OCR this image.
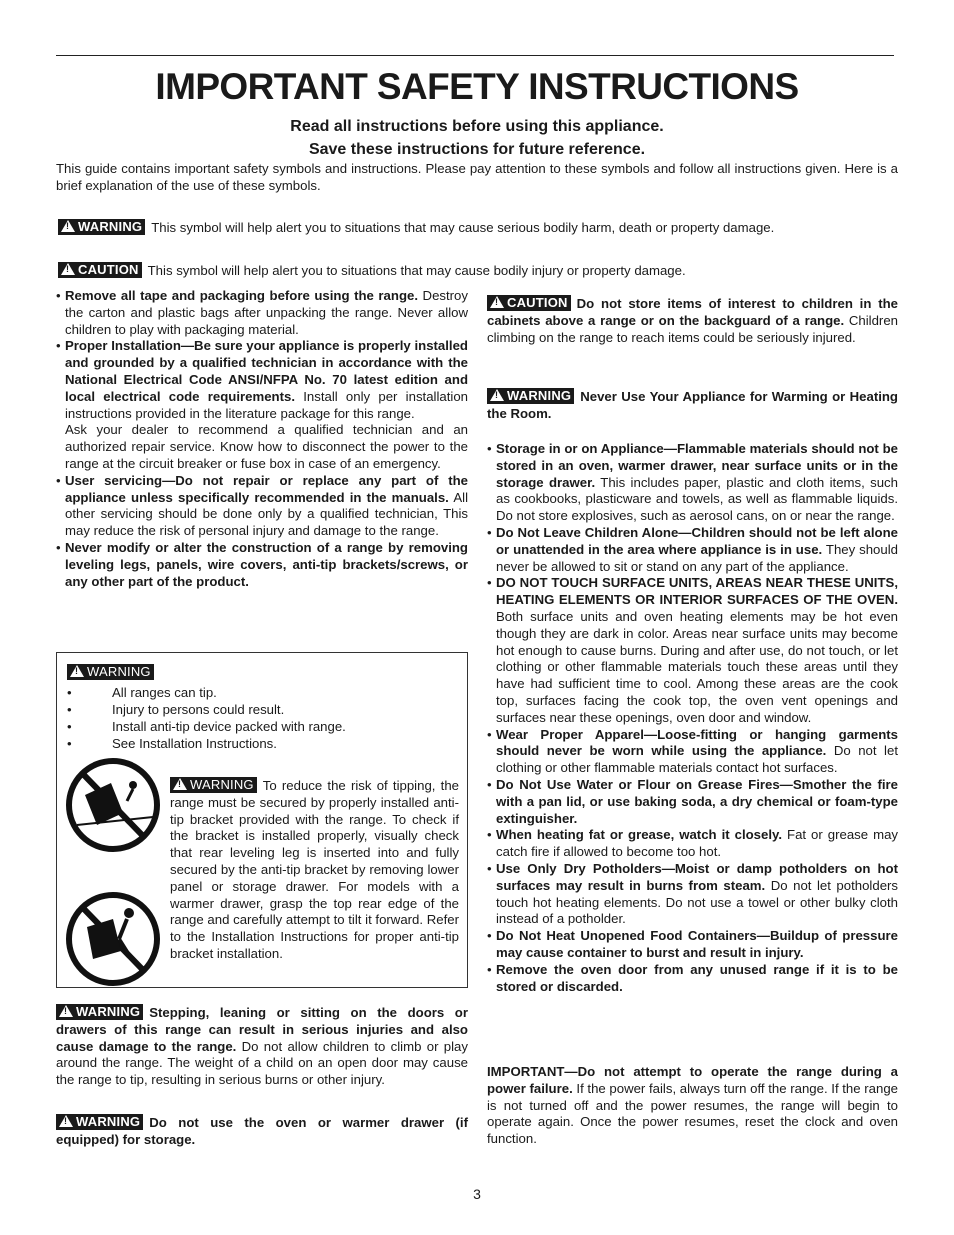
IMPORTANT SAFETY INSTRUCTIONS
Read all instructions before using this appliance.
Save these instructions for future reference.

This guide contains important safety symbols and instructions. Please pay attention to these symbols and follow all instructions given. Here is a brief explanation of the use of these symbols.

!WARNING This symbol will help alert you to situations that may cause serious bodily harm, death or property damage.

!CAUTION This symbol will help alert you to situations that may cause bodily injury or property damage.

• Remove all tape and packaging before using the range. Destroy the carton and plastic bags after unpacking the range. Never allow children to play with packaging material.
• Proper Installation—Be sure your appliance is properly installed and grounded by a qualified technician in accordance with the National Electrical Code ANSI/NFPA No. 70 latest edition and local electrical code requirements. Install only per installation instructions provided in the literature package for this range.
Ask your dealer to recommend a qualified technician and an authorized repair service. Know how to disconnect the power to the range at the circuit breaker or fuse box in case of an emergency.
• User servicing—Do not repair or replace any part of the appliance unless specifically recommended in the manuals. All other servicing should be done only by a qualified technician, This may reduce the risk of personal injury and damage to the range.
• Never modify or alter the construction of a range by removing leveling legs, panels, wire covers, anti-tip brackets/screws, or any other part of the product.
!WARNING
• All ranges can tip.
• Injury to persons could result.
• Install anti-tip device packed with range.
• See Installation Instructions.
!WARNING To reduce the risk of tipping, the range must be secured by properly installed anti-tip bracket provided with the range. To check if the bracket is installed properly, visually check that rear leveling leg is inserted into and fully secured by the anti-tip bracket by removing lower panel or storage drawer. For models with a warmer drawer, grasp the top rear edge of the range and carefully attempt to tilt it forward. Refer to the Installation Instructions for proper anti-tip bracket installation.
!WARNING Stepping, leaning or sitting on the doors or drawers of this range can result in serious injuries and also cause damage to the range. Do not allow children to climb or play around the range. The weight of a child on an open door may cause the range to tip, resulting in serious burns or other injury.
!WARNING Do not use the oven or warmer drawer (if equipped) for storage.
!CAUTION Do not store items of interest to children in the cabinets above a range or on the backguard of a range. Children climbing on the range to reach items could be seriously injured.
!WARNING Never Use Your Appliance for Warming or Heating the Room.
• Storage in or on Appliance—Flammable materials should not be stored in an oven, warmer drawer, near surface units or in the storage drawer. This includes paper, plastic and cloth items, such as cookbooks, plasticware and towels, as well as flammable liquids. Do not store explosives, such as aerosol cans, on or near the range.
• Do Not Leave Children Alone—Children should not be left alone or unattended in the area where appliance is in use. They should never be allowed to sit or stand on any part of the appliance.
• DO NOT TOUCH SURFACE UNITS, AREAS NEAR THESE UNITS, HEATING ELEMENTS OR INTERIOR SURFACES OF THE OVEN. Both surface units and oven heating elements may be hot even though they are dark in color. Areas near surface units may become hot enough to cause burns. During and after use, do not touch, or let clothing or other flammable materials touch these areas until they have had sufficient time to cool. Among these areas are the cook top, surfaces facing the cook top, the oven vent openings and surfaces near these openings, oven door and window.
• Wear Proper Apparel—Loose-fitting or hanging garments should never be worn while using the appliance. Do not let clothing or other flammable materials contact hot surfaces.
• Do Not Use Water or Flour on Grease Fires—Smother the fire with a pan lid, or use baking soda, a dry chemical or foam-type extinguisher.
• When heating fat or grease, watch it closely. Fat or grease may catch fire if allowed to become too hot.
• Use Only Dry Potholders—Moist or damp potholders on hot surfaces may result in burns from steam. Do not let potholders touch hot heating elements. Do not use a towel or other bulky cloth instead of a potholder.
• Do Not Heat Unopened Food Containers—Buildup of pressure may cause container to burst and result in injury.
• Remove the oven door from any unused range if it is to be stored or discarded.
IMPORTANT—Do not attempt to operate the range during a power failure. If the power fails, always turn off the range. If the range is not turned off and the power resumes, the range will begin to operate again. Once the power resumes, reset the clock and oven function.
3
